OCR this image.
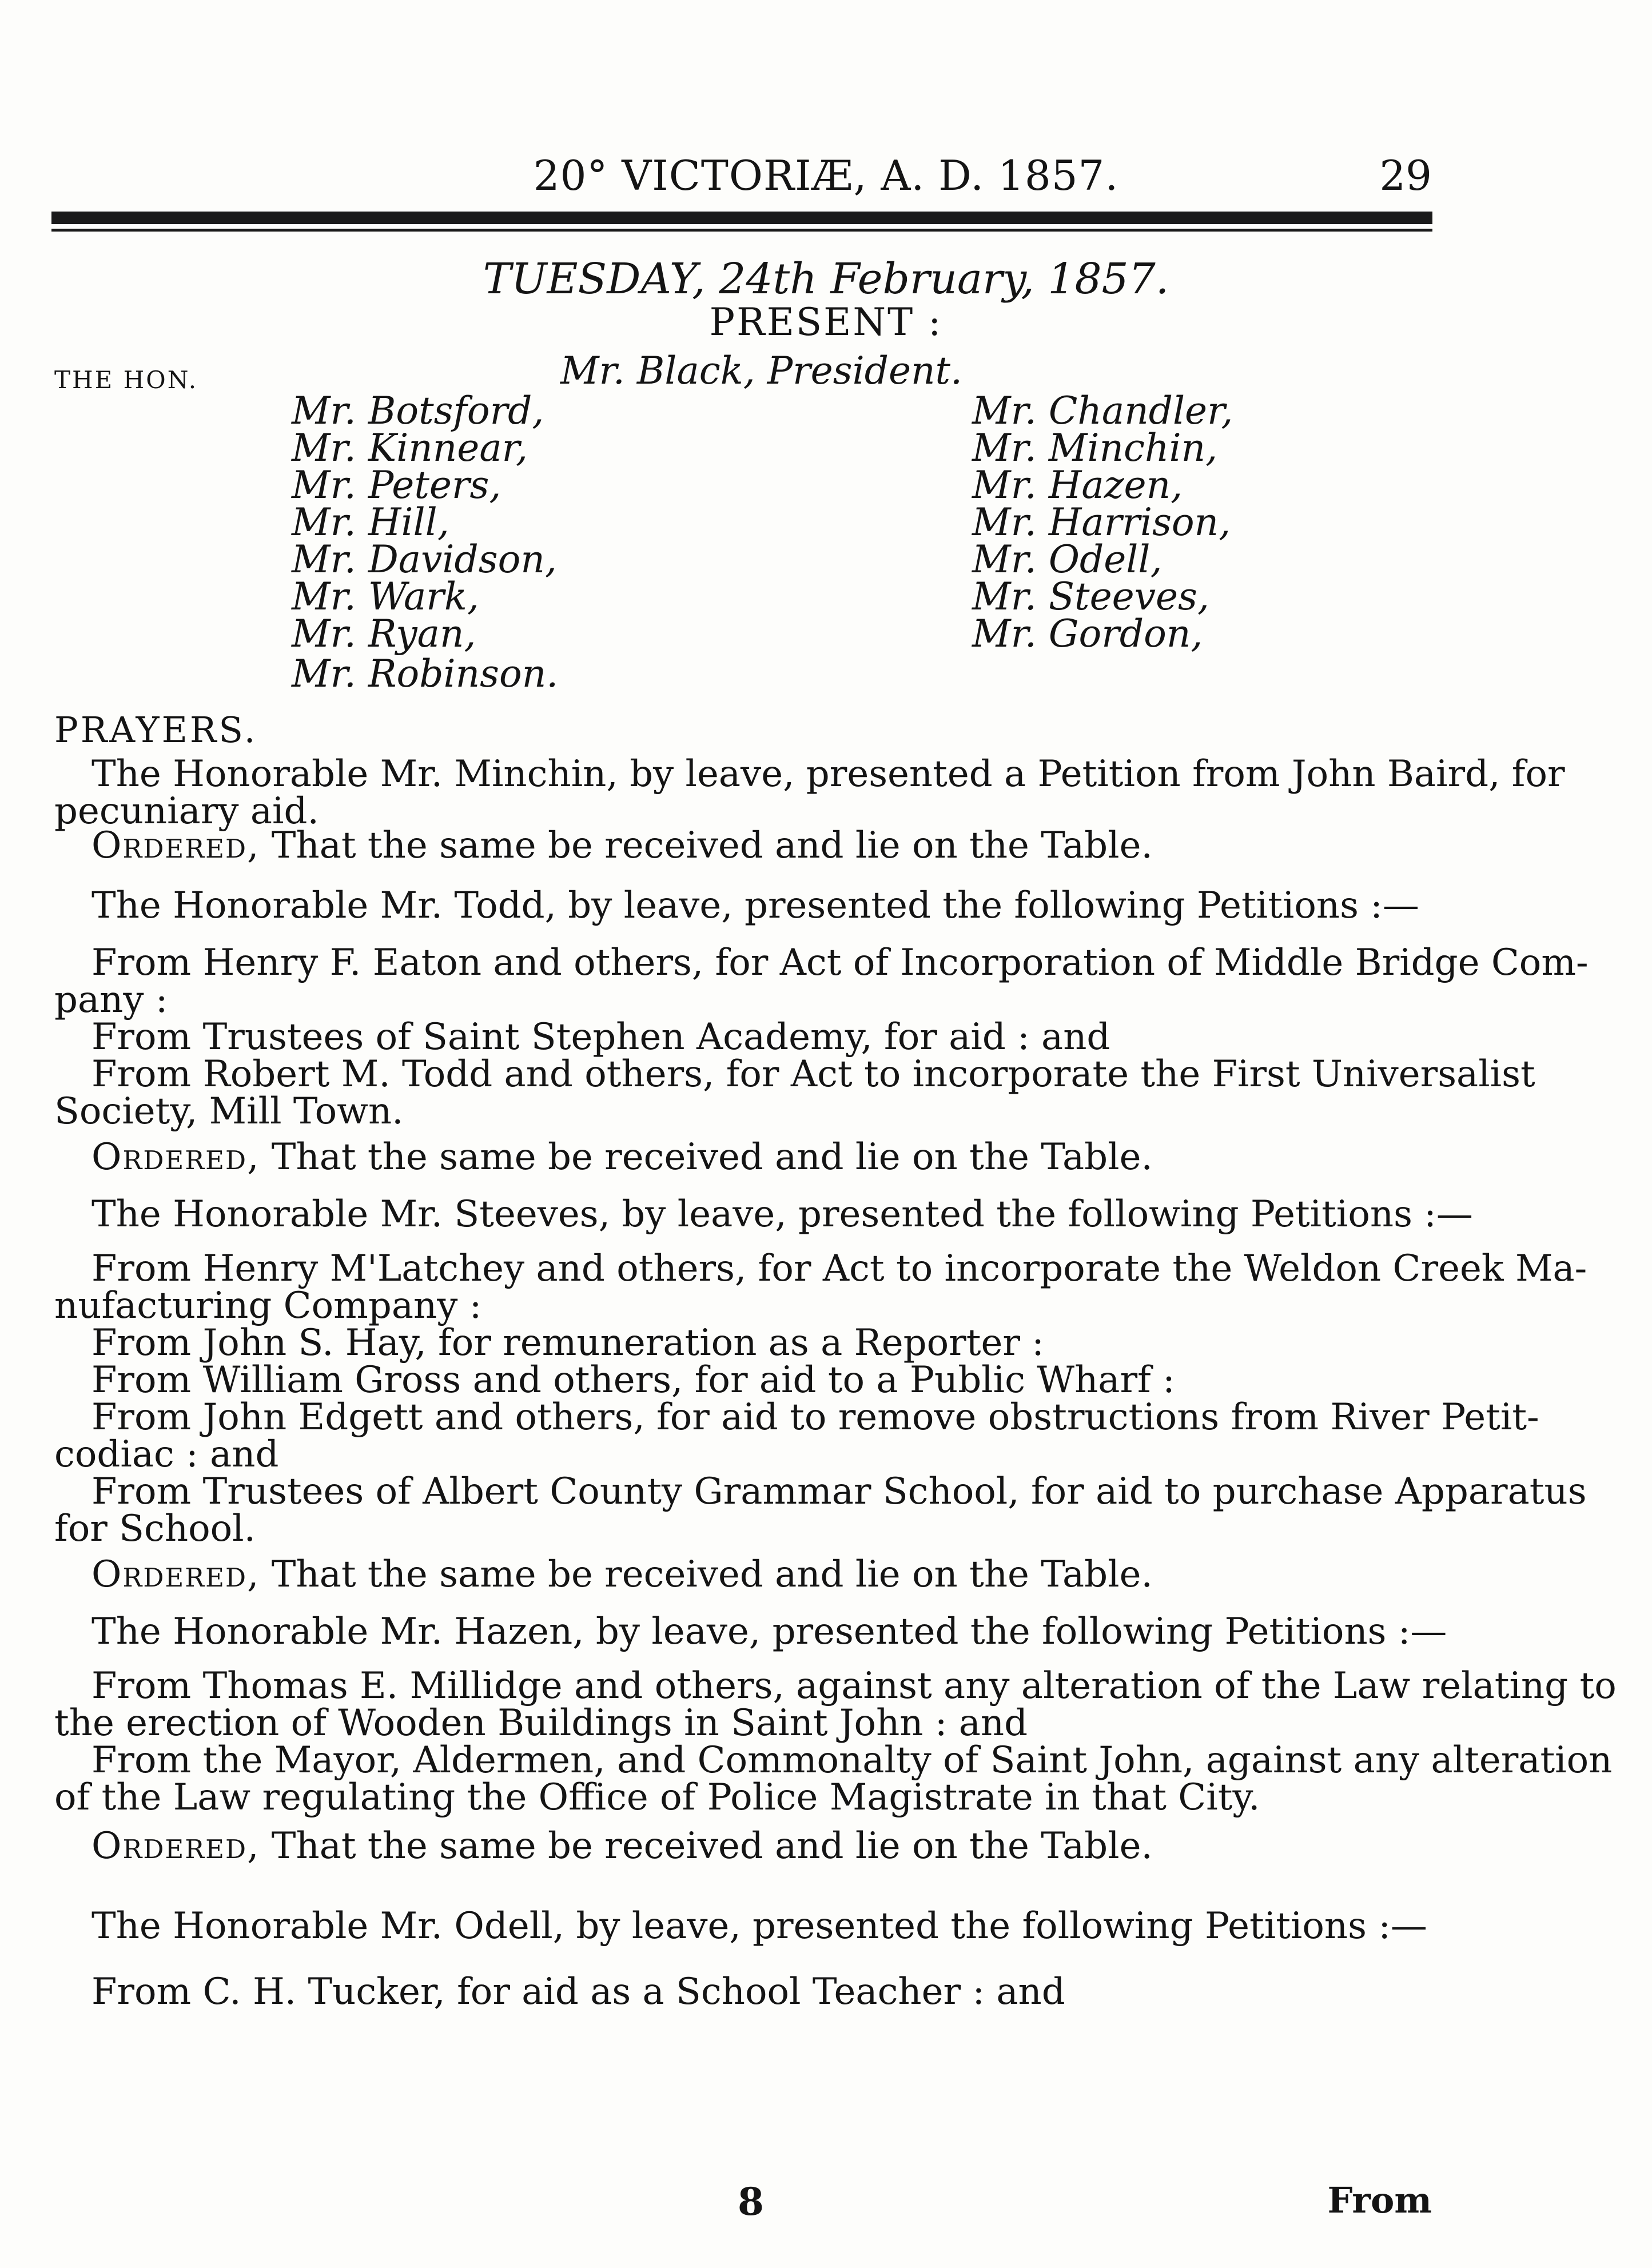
20° VICTORIÆ, A. D. 1857.	29
TUESDAY, 24th February, 1857.
PRESENT :
THE HON.	Mr. Black, President.
Mr. Botsford,
Mr. Kinnear,
Mr. Peters,
Mr. Hill,
Mr. Davidson,
Mr. Wark,
Mr. Ryan,
Mr. Robinson.
Mr. Chandler,
Mr. Minchin,
Mr. Hazen,
Mr. Harrison,
Mr. Odell,
Mr. Steeves,
Mr. Gordon,
PRAYERS.
The Honorable Mr. Minchin, by leave, presented a Petition from John Baird, for
pecuniary aid.
Ordered, That the same be received and lie on the Table.
The Honorable Mr. Todd, by leave, presented the following Petitions :—
From Henry F. Eaton and others, for Act of Incorporation of Middle Bridge Com-
pany :
From Trustees of Saint Stephen Academy, for aid : and
From Robert M. Todd and others, for Act to incorporate the First Universalist
Society, Mill Town.
Ordered, That the same be received and lie on the Table.
The Honorable Mr. Steeves, by leave, presented the following Petitions :—
From Henry M'Latchey and others, for Act to incorporate the Weldon Creek Ma-
nufacturing Company :
From John S. Hay, for remuneration as a Reporter :
From William Gross and others, for aid to a Public Wharf :
From John Edgett and others, for aid to remove obstructions from River Petit-
codiac : and
From Trustees of Albert County Grammar School, for aid to purchase Apparatus
for School.
Ordered, That the same be received and lie on the Table.
The Honorable Mr. Hazen, by leave, presented the following Petitions :—
From Thomas E. Millidge and others, against any alteration of the Law relating to
the erection of Wooden Buildings in Saint John : and
From the Mayor, Aldermen, and Commonalty of Saint John, against any alteration
of the Law regulating the Office of Police Magistrate in that City.
Ordered, That the same be received and lie on the Table.
The Honorable Mr. Odell, by leave, presented the following Petitions :—
From C. H. Tucker, for aid as a School Teacher : and
8	From
